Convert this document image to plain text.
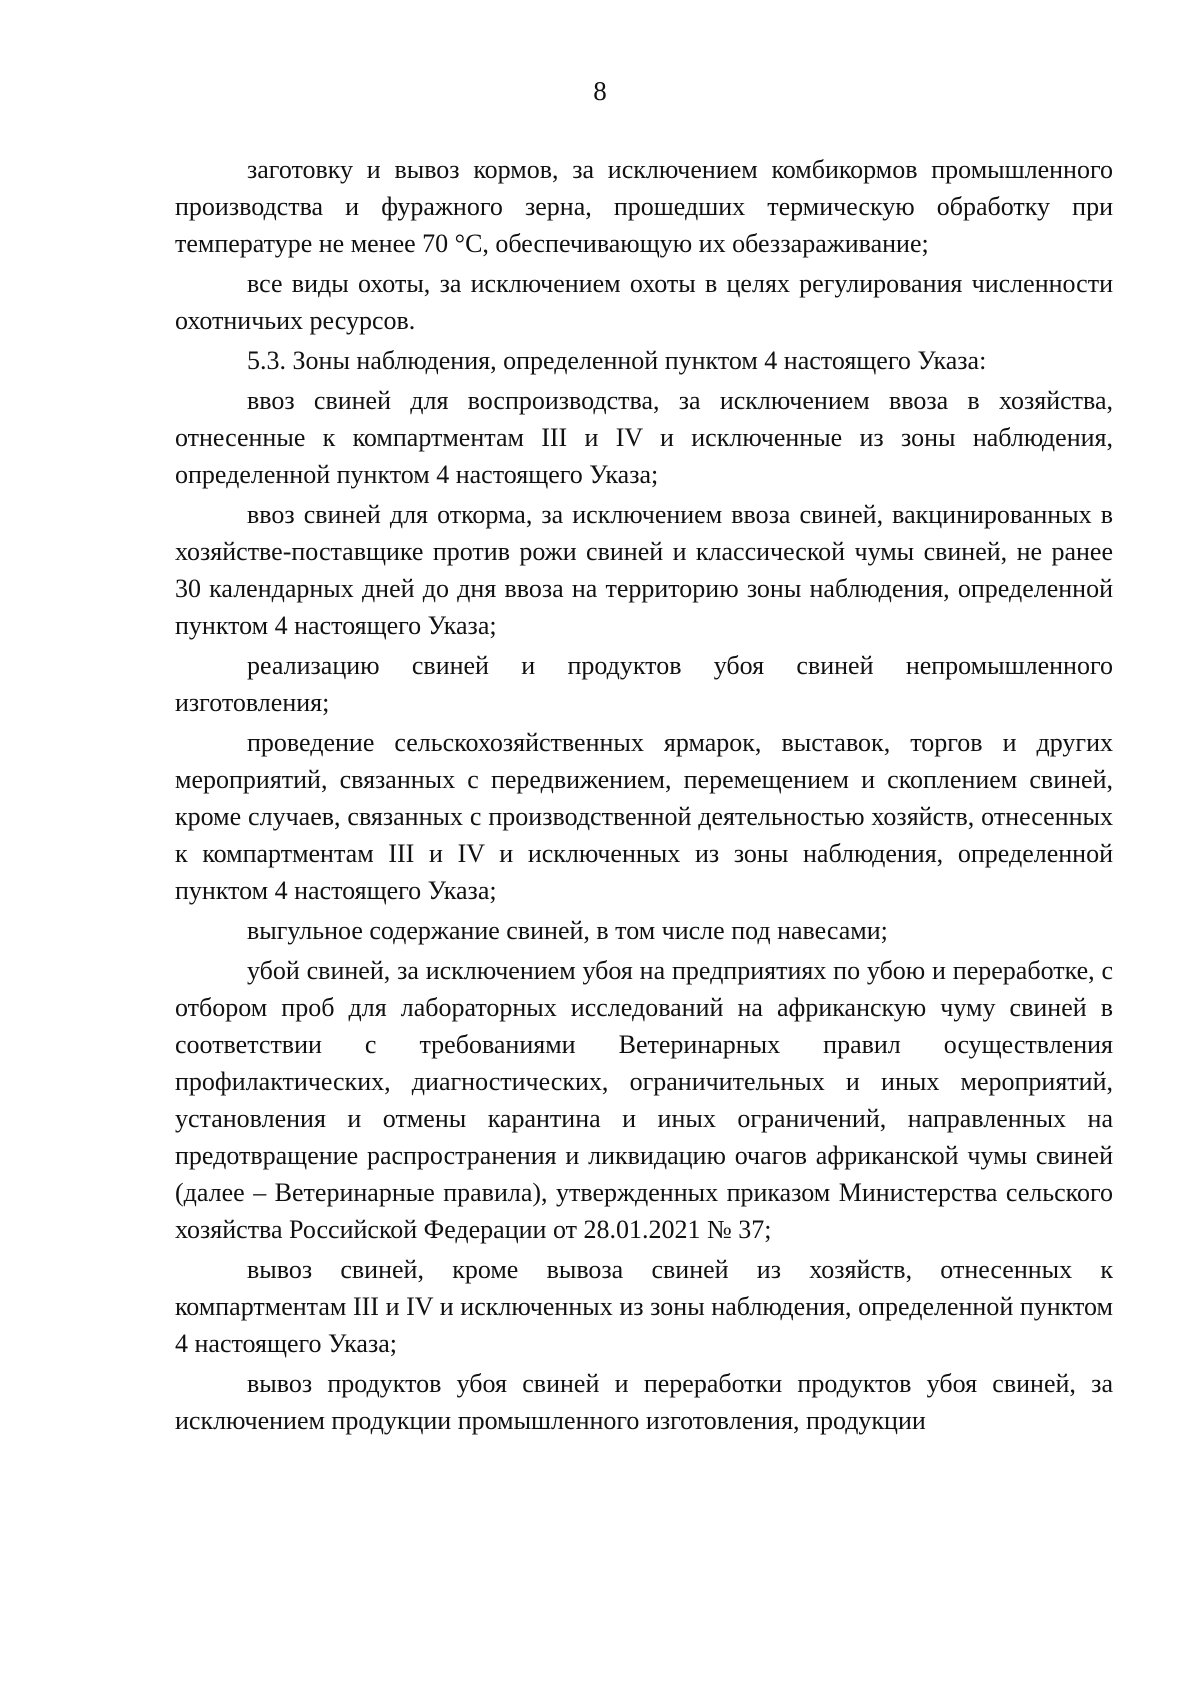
8

заготовку и вывоз кормов, за исключением комбикормов промышленного производства и фуражного зерна, прошедших термическую обработку при температуре не менее 70 °С, обеспечивающую их обеззараживание;

все виды охоты, за исключением охоты в целях регулирования численности охотничьих ресурсов.

5.3. Зоны наблюдения, определенной пунктом 4 настоящего Указа:

ввоз свиней для воспроизводства, за исключением ввоза в хозяйства, отнесенные к компартментам III и IV и исключенные из зоны наблюдения, определенной пунктом 4 настоящего Указа;

ввоз свиней для откорма, за исключением ввоза свиней, вакцинированных в хозяйстве-поставщике против рожи свиней и классической чумы свиней, не ранее 30 календарных дней до дня ввоза на территорию зоны наблюдения, определенной пунктом 4 настоящего Указа;

реализацию свиней и продуктов убоя свиней непромышленного изготовления;

проведение сельскохозяйственных ярмарок, выставок, торгов и других мероприятий, связанных с передвижением, перемещением и скоплением свиней, кроме случаев, связанных с производственной деятельностью хозяйств, отнесенных к компартментам III и IV и исключенных из зоны наблюдения, определенной пунктом 4 настоящего Указа;

выгульное содержание свиней, в том числе под навесами;

убой свиней, за исключением убоя на предприятиях по убою и переработке, с отбором проб для лабораторных исследований на африканскую чуму свиней в соответствии с требованиями Ветеринарных правил осуществления профилактических, диагностических, ограничительных и иных мероприятий, установления и отмены карантина и иных ограничений, направленных на предотвращение распространения и ликвидацию очагов африканской чумы свиней (далее – Ветеринарные правила), утвержденных приказом Министерства сельского хозяйства Российской Федерации от 28.01.2021 № 37;

вывоз свиней, кроме вывоза свиней из хозяйств, отнесенных к компартментам III и IV и исключенных из зоны наблюдения, определенной пунктом 4 настоящего Указа;

вывоз продуктов убоя свиней и переработки продуктов убоя свиней, за исключением продукции промышленного изготовления, продукции
